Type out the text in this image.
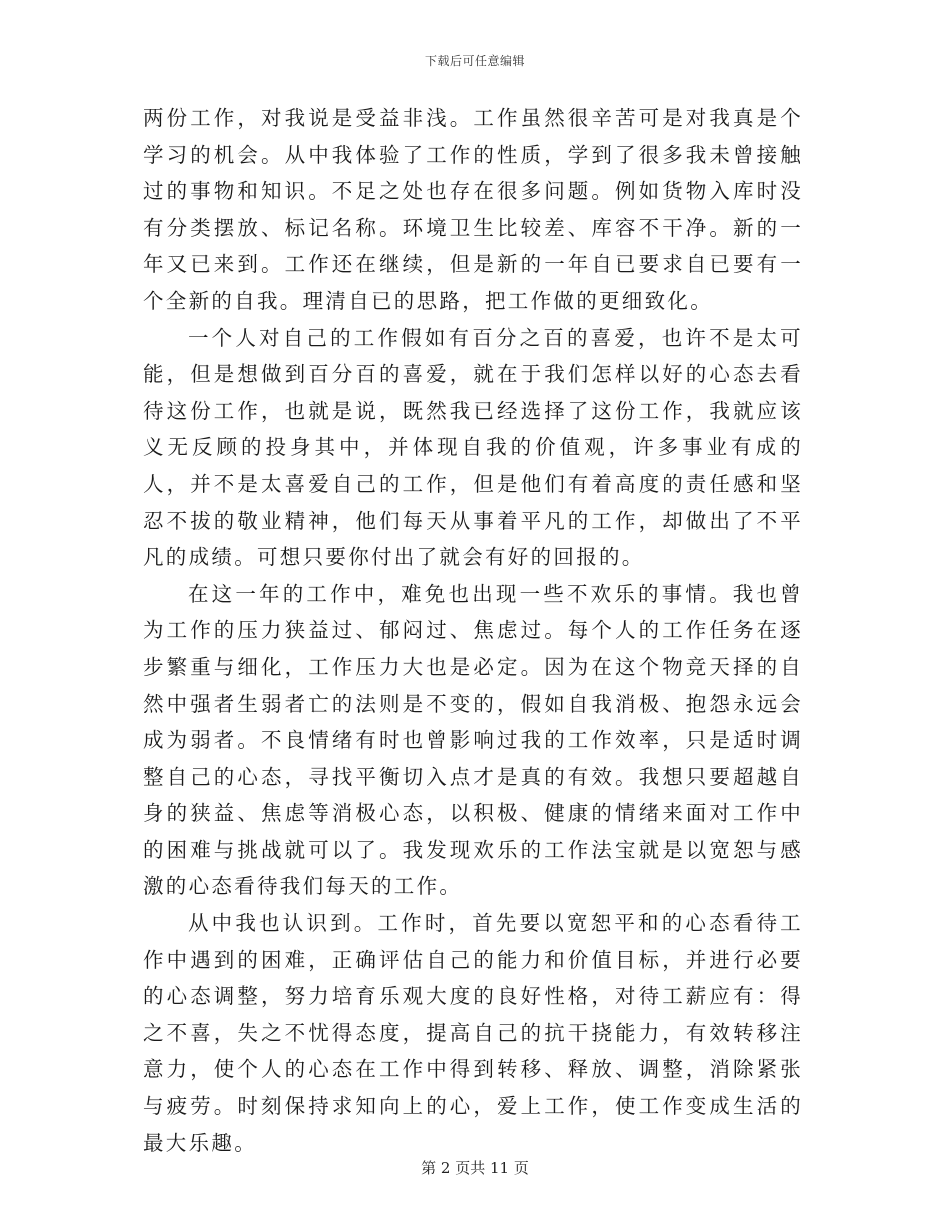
下载后可任意编辑

两份工作，对我说是受益非浅。工作虽然很辛苦可是对我真是个学习的机会。从中我体验了工作的性质，学到了很多我未曾接触过的事物和知识。不足之处也存在很多问题。例如货物入库时没有分类摆放、标记名称。环境卫生比较差、库容不干净。新的一年又已来到。工作还在继续，但是新的一年自已要求自已要有一个全新的自我。理清自已的思路，把工作做的更细致化。

一个人对自己的工作假如有百分之百的喜爱，也许不是太可能，但是想做到百分百的喜爱，就在于我们怎样以好的心态去看待这份工作，也就是说，既然我已经选择了这份工作，我就应该义无反顾的投身其中，并体现自我的价值观，许多事业有成的人，并不是太喜爱自己的工作，但是他们有着高度的责任感和坚忍不拔的敬业精神，他们每天从事着平凡的工作，却做出了不平凡的成绩。可想只要你付出了就会有好的回报的。

在这一年的工作中，难免也出现一些不欢乐的事情。我也曾为工作的压力狭益过、郁闷过、焦虑过。每个人的工作任务在逐步繁重与细化，工作压力大也是必定。因为在这个物竞天择的自然中强者生弱者亡的法则是不变的，假如自我消极、抱怨永远会成为弱者。不良情绪有时也曾影响过我的工作效率，只是适时调整自己的心态，寻找平衡切入点才是真的有效。我想只要超越自身的狭益、焦虑等消极心态，以积极、健康的情绪来面对工作中的困难与挑战就可以了。我发现欢乐的工作法宝就是以宽恕与感激的心态看待我们每天的工作。

从中我也认识到。工作时，首先要以宽恕平和的心态看待工作中遇到的困难，正确评估自己的能力和价值目标，并进行必要的心态调整，努力培育乐观大度的良好性格，对待工薪应有：得之不喜，失之不忧得态度，提高自己的抗干挠能力，有效转移注意力，使个人的心态在工作中得到转移、释放、调整，消除紧张与疲劳。时刻保持求知向上的心，爱上工作，使工作变成生活的最大乐趣。

第 2 页共 11 页
